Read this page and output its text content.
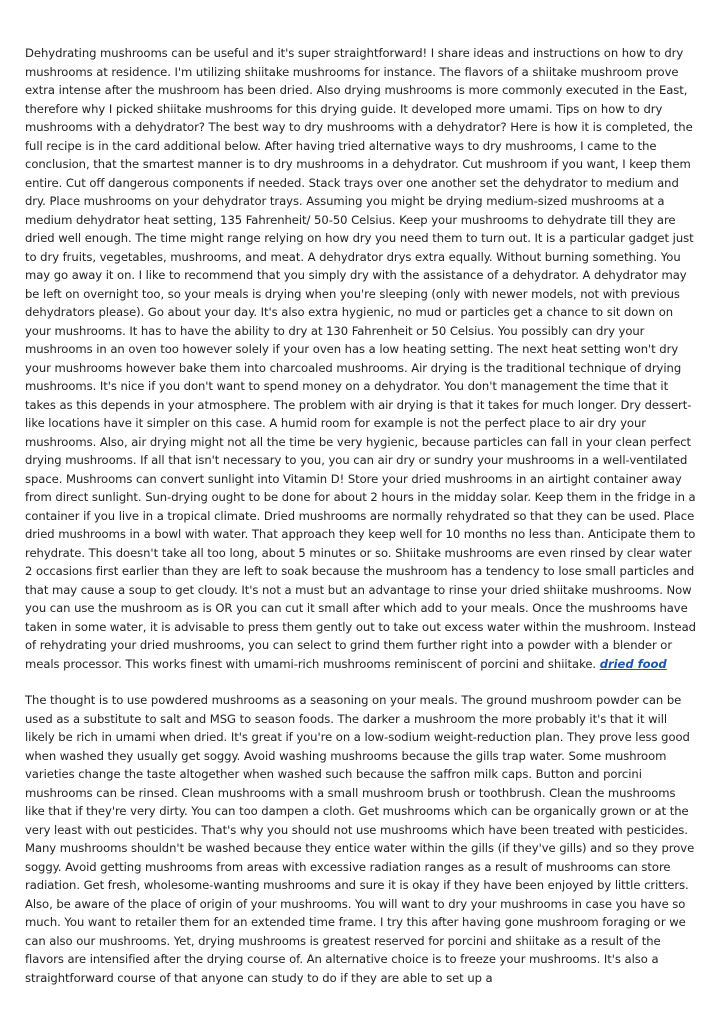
Dehydrating mushrooms can be useful and it's super straightforward! I share ideas and instructions on how to dry mushrooms at residence. I'm utilizing shiitake mushrooms for instance. The flavors of a shiitake mushroom prove extra intense after the mushroom has been dried. Also drying mushrooms is more commonly executed in the East, therefore why I picked shiitake mushrooms for this drying guide. It developed more umami. Tips on how to dry mushrooms with a dehydrator? The best way to dry mushrooms with a dehydrator? Here is how it is completed, the full recipe is in the card additional below. After having tried alternative ways to dry mushrooms, I came to the conclusion, that the smartest manner is to dry mushrooms in a dehydrator. Cut mushroom if you want, I keep them entire. Cut off dangerous components if needed. Stack trays over one another set the dehydrator to medium and dry. Place mushrooms on your dehydrator trays. Assuming you might be drying medium-sized mushrooms at a medium dehydrator heat setting, 135 Fahrenheit/ 50-50 Celsius. Keep your mushrooms to dehydrate till they are dried well enough. The time might range relying on how dry you need them to turn out. It is a particular gadget just to dry fruits, vegetables, mushrooms, and meat. A dehydrator drys extra equally. Without burning something. You may go away it on. I like to recommend that you simply dry with the assistance of a dehydrator. A dehydrator may be left on overnight too, so your meals is drying when you're sleeping (only with newer models, not with previous dehydrators please). Go about your day. It's also extra hygienic, no mud or particles get a chance to sit down on your mushrooms. It has to have the ability to dry at 130 Fahrenheit or 50 Celsius. You possibly can dry your mushrooms in an oven too however solely if your oven has a low heating setting. The next heat setting won't dry your mushrooms however bake them into charcoaled mushrooms. Air drying is the traditional technique of drying mushrooms. It's nice if you don't want to spend money on a dehydrator. You don't management the time that it takes as this depends in your atmosphere. The problem with air drying is that it takes for much longer. Dry dessert-like locations have it simpler on this case. A humid room for example is not the perfect place to air dry your mushrooms. Also, air drying might not all the time be very hygienic, because particles can fall in your clean perfect drying mushrooms. If all that isn't necessary to you, you can air dry or sundry your mushrooms in a well-ventilated space. Mushrooms can convert sunlight into Vitamin D! Store your dried mushrooms in an airtight container away from direct sunlight. Sun-drying ought to be done for about 2 hours in the midday solar. Keep them in the fridge in a container if you live in a tropical climate. Dried mushrooms are normally rehydrated so that they can be used. Place dried mushrooms in a bowl with water. That approach they keep well for 10 months no less than. Anticipate them to rehydrate. This doesn't take all too long, about 5 minutes or so. Shiitake mushrooms are even rinsed by clear water 2 occasions first earlier than they are left to soak because the mushroom has a tendency to lose small particles and that may cause a soup to get cloudy. It's not a must but an advantage to rinse your dried shiitake mushrooms. Now you can use the mushroom as is OR you can cut it small after which add to your meals. Once the mushrooms have taken in some water, it is advisable to press them gently out to take out excess water within the mushroom. Instead of rehydrating your dried mushrooms, you can select to grind them further right into a powder with a blender or meals processor. This works finest with umami-rich mushrooms reminiscent of porcini and shiitake. dried food

The thought is to use powdered mushrooms as a seasoning on your meals. The ground mushroom powder can be used as a substitute to salt and MSG to season foods. The darker a mushroom the more probably it's that it will likely be rich in umami when dried. It's great if you're on a low-sodium weight-reduction plan. They prove less good when washed they usually get soggy. Avoid washing mushrooms because the gills trap water. Some mushroom varieties change the taste altogether when washed such because the saffron milk caps. Button and porcini mushrooms can be rinsed. Clean mushrooms with a small mushroom brush or toothbrush. Clean the mushrooms like that if they're very dirty. You can too dampen a cloth. Get mushrooms which can be organically grown or at the very least with out pesticides. That's why you should not use mushrooms which have been treated with pesticides. Many mushrooms shouldn't be washed because they entice water within the gills (if they've gills) and so they prove soggy. Avoid getting mushrooms from areas with excessive radiation ranges as a result of mushrooms can store radiation. Get fresh, wholesome-wanting mushrooms and sure it is okay if they have been enjoyed by little critters. Also, be aware of the place of origin of your mushrooms. You will want to dry your mushrooms in case you have so much. You want to retailer them for an extended time frame. I try this after having gone mushroom foraging or we can also our mushrooms. Yet, drying mushrooms is greatest reserved for porcini and shiitake as a result of the flavors are intensified after the drying course of. An alternative choice is to freeze your mushrooms. It's also a straightforward course of that anyone can study to do if they are able to set up a
